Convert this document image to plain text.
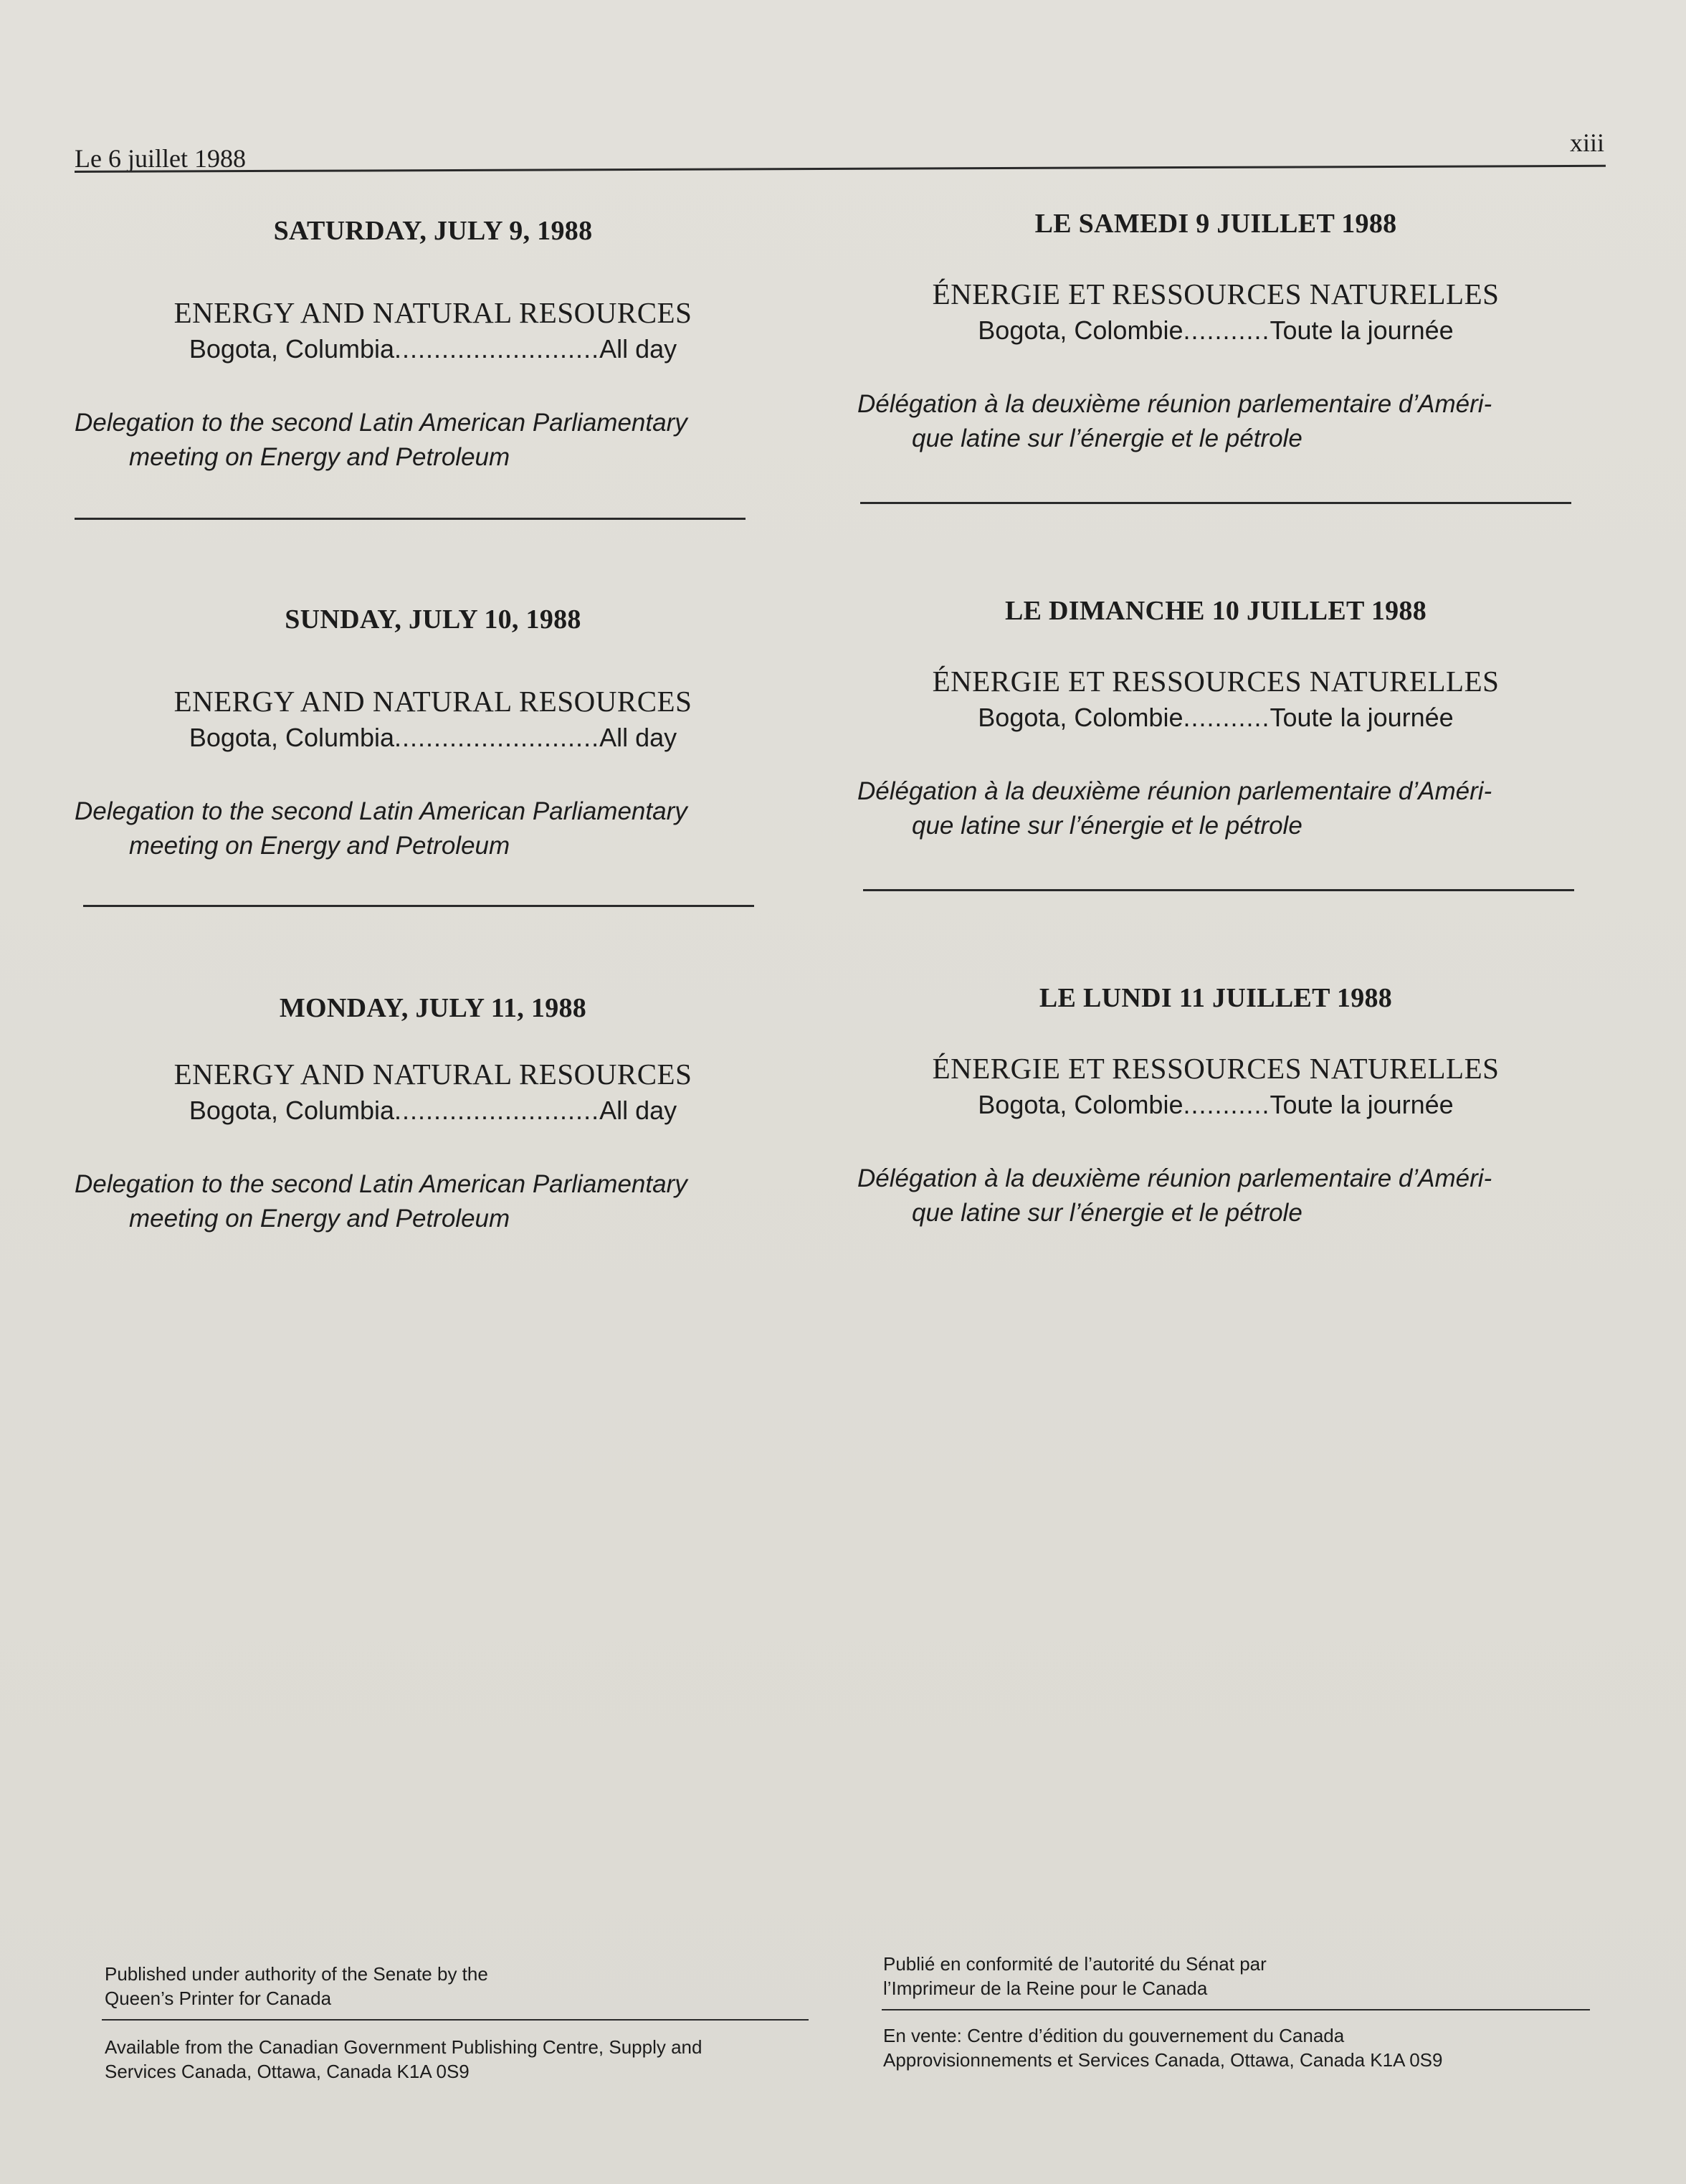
Le 6 juillet 1988
xiii
SATURDAY, JULY 9, 1988
ENERGY AND NATURAL RESOURCES
Bogota, Columbia..........................All day
Delegation to the second Latin American Parliamentary
meeting on Energy and Petroleum
SUNDAY, JULY 10, 1988
ENERGY AND NATURAL RESOURCES
Bogota, Columbia..........................All day
Delegation to the second Latin American Parliamentary
meeting on Energy and Petroleum
MONDAY, JULY 11, 1988
ENERGY AND NATURAL RESOURCES
Bogota, Columbia..........................All day
Delegation to the second Latin American Parliamentary
meeting on Energy and Petroleum
LE SAMEDI 9 JUILLET 1988
ÉNERGIE ET RESSOURCES NATURELLES
Bogota, Colombie...........Toute la journée
Délégation à la deuxième réunion parlementaire d’Améri-
que latine sur l’énergie et le pétrole
LE DIMANCHE 10 JUILLET 1988
ÉNERGIE ET RESSOURCES NATURELLES
Bogota, Colombie...........Toute la journée
Délégation à la deuxième réunion parlementaire d’Améri-
que latine sur l’énergie et le pétrole
LE LUNDI 11 JUILLET 1988
ÉNERGIE ET RESSOURCES NATURELLES
Bogota, Colombie...........Toute la journée
Délégation à la deuxième réunion parlementaire d’Améri-
que latine sur l’énergie et le pétrole
Published under authority of the Senate by the
Queen’s Printer for Canada
Available from the Canadian Government Publishing Centre, Supply and
Services Canada, Ottawa, Canada K1A 0S9
Publié en conformité de l’autorité du Sénat par
l’Imprimeur de la Reine pour le Canada
En vente: Centre d’édition du gouvernement du Canada
Approvisionnements et Services Canada, Ottawa, Canada K1A 0S9
